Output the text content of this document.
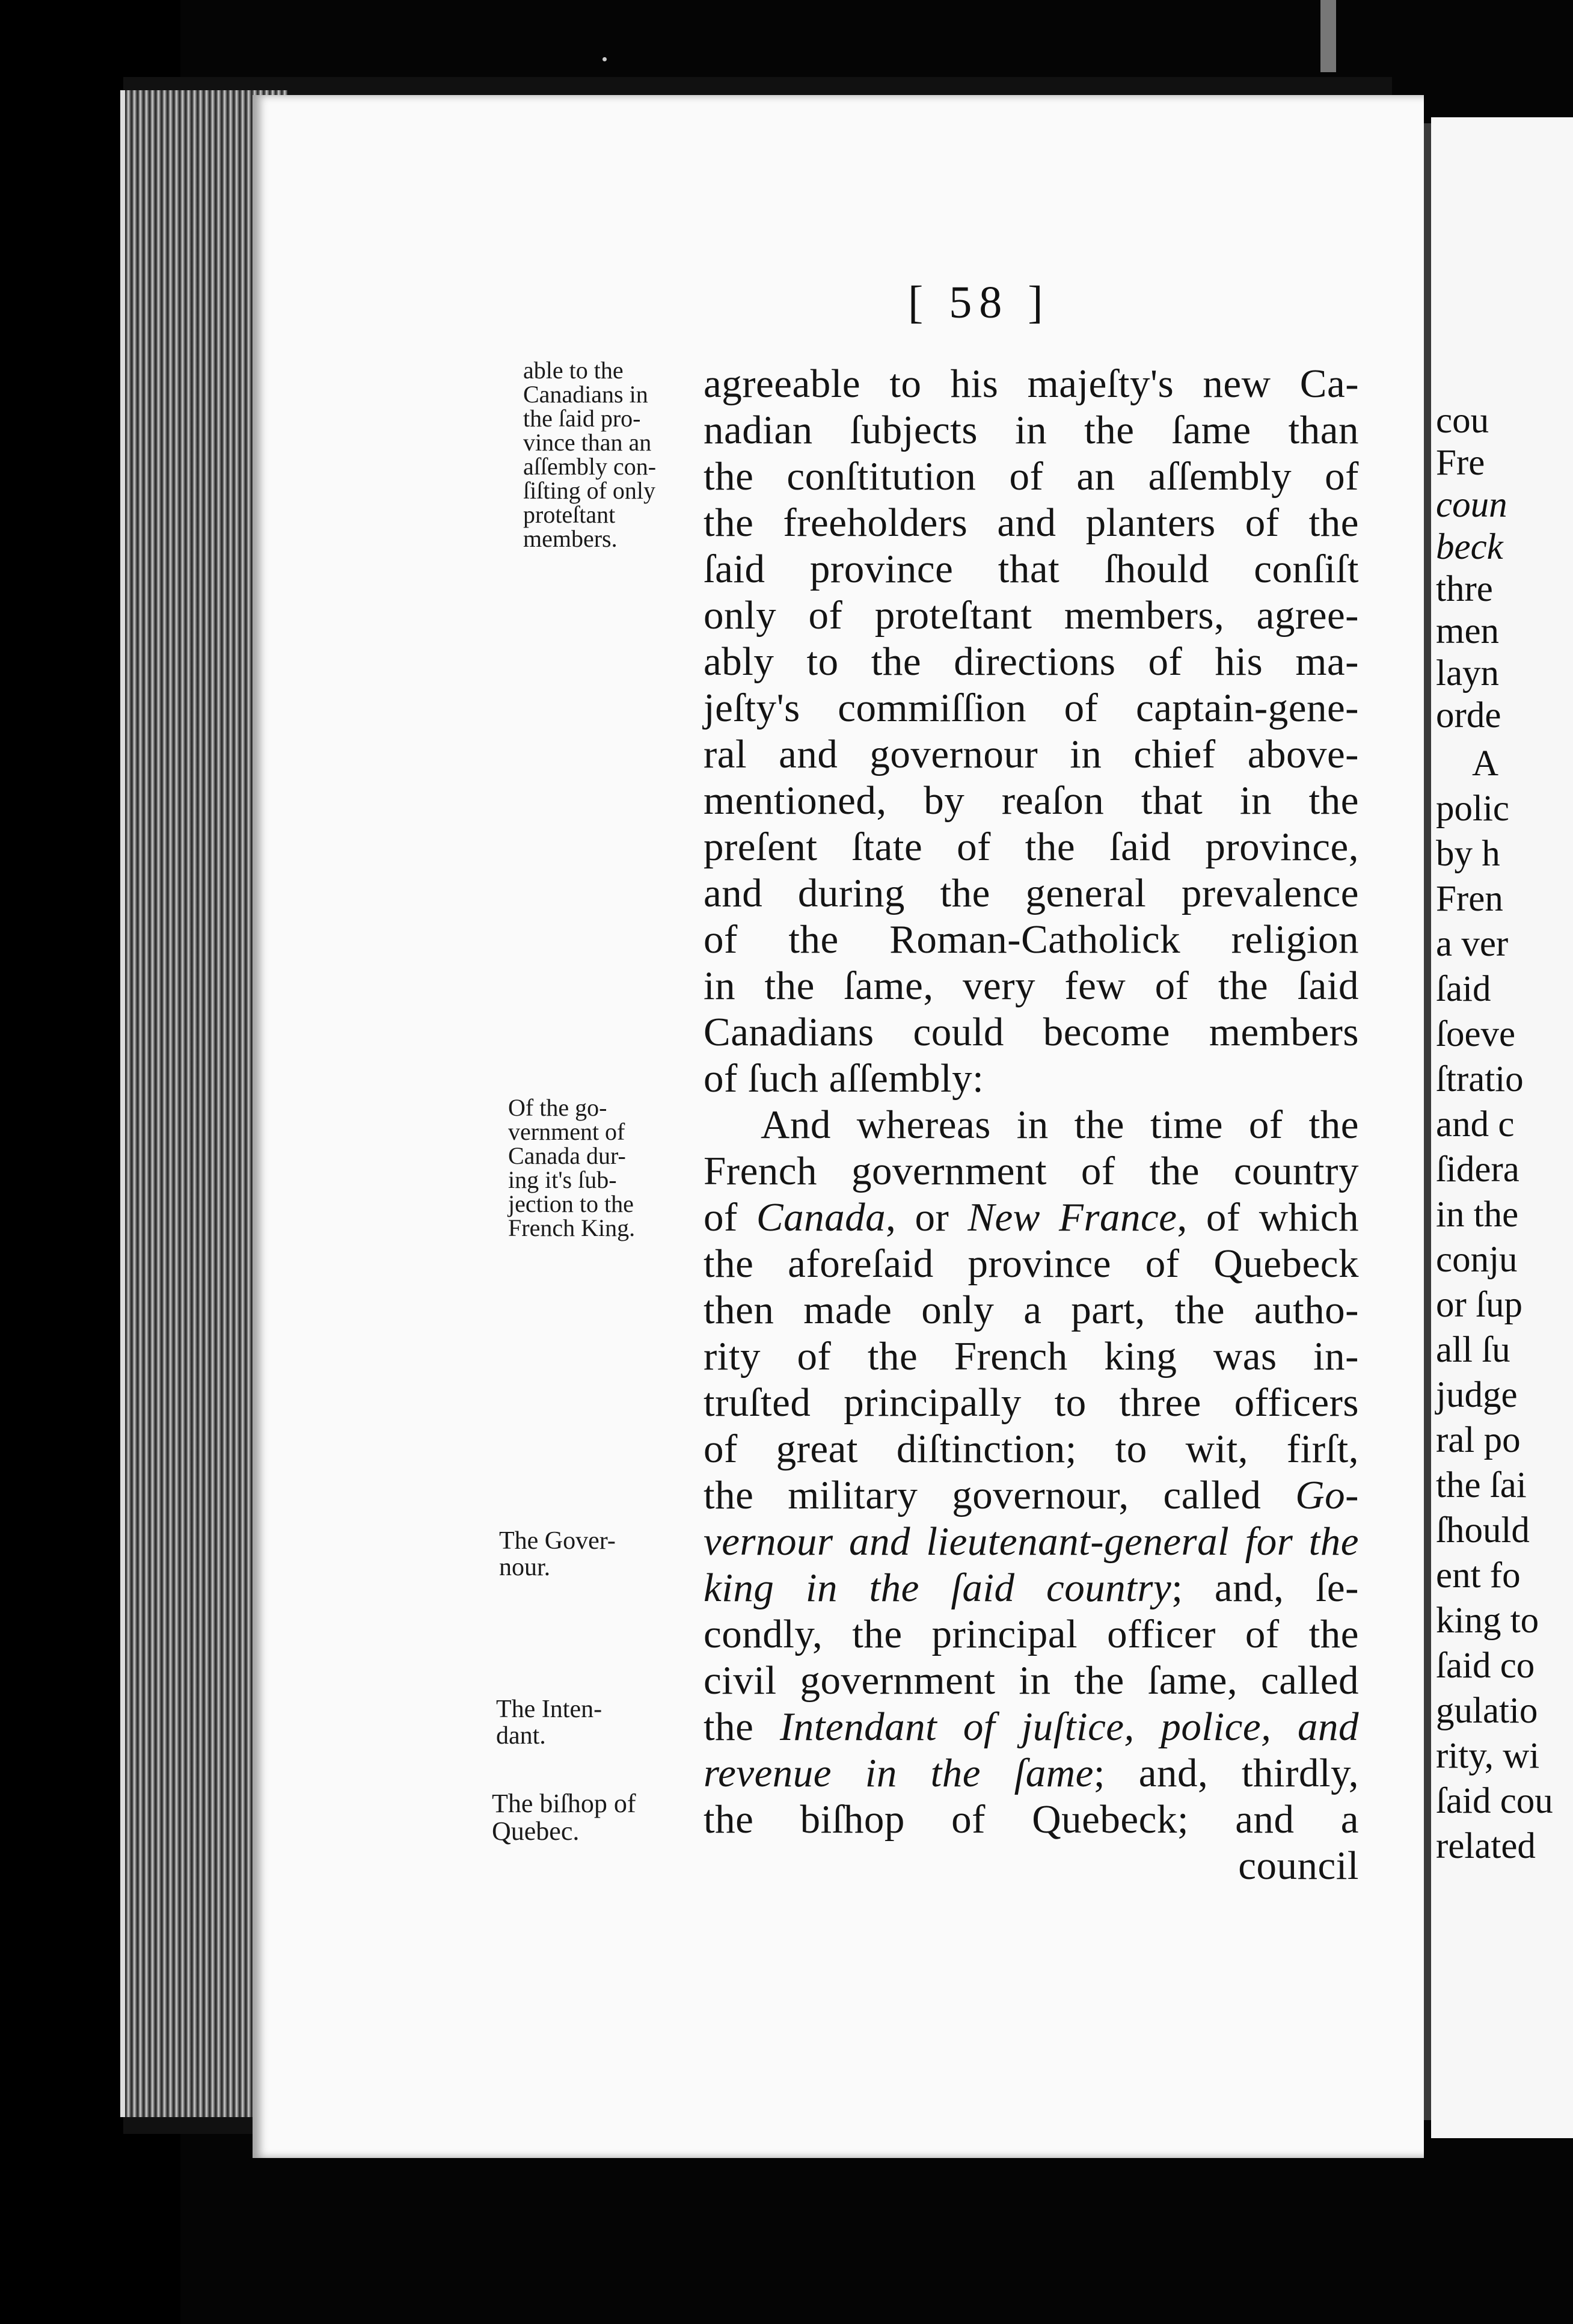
cou
Fre
coun
beck
thre
men
layn
orde
A
polic
by h
Fren
a ver
ſaid
ſoeve
ſtratio
and c
ſidera
in the
conju
or ſup
all ſu
judge
ral po
the ſai
ſhould
ent fo
king to
ſaid co
gulatio
rity, wi
ſaid cou
related
[ 58 ]
able to the
Canadians in
the ſaid pro-
vince than an
aſſembly con-
ſiſting of only
proteſtant
members.
Of the go-
vernment of
Canada dur-
ing it's ſub-
jection to the
French King.
The Gover-
nour.
The Inten-
dant.
The biſhop of
Quebec.
agreeable to his majeſty's new Ca-
nadian ſubjects in the ſame than
the conſtitution of an aſſembly of
the freeholders and planters of the
ſaid province that ſhould conſiſt
only of proteſtant members, agree-
ably to the directions of his ma-
jeſty's commiſſion of captain-gene-
ral and governour in chief above-
mentioned, by reaſon that in the
preſent ſtate of the ſaid province,
and during the general prevalence
of the Roman-Catholick religion
in the ſame, very few of the ſaid
Canadians could become members
of ſuch aſſembly:
And whereas in the time of the
French government of the country
of Canada, or New France, of which
the aforeſaid province of Quebeck
then made only a part, the autho-
rity of the French king was in-
truſted principally to three officers
of great diſtinction; to wit, firſt,
the military governour, called Go-
vernour and lieutenant-general for the
king in the ſaid country; and, ſe-
condly, the principal officer of the
civil government in the ſame, called
the Intendant of juſtice, police, and
revenue in the ſame; and, thirdly,
the biſhop of Quebeck; and a
council
